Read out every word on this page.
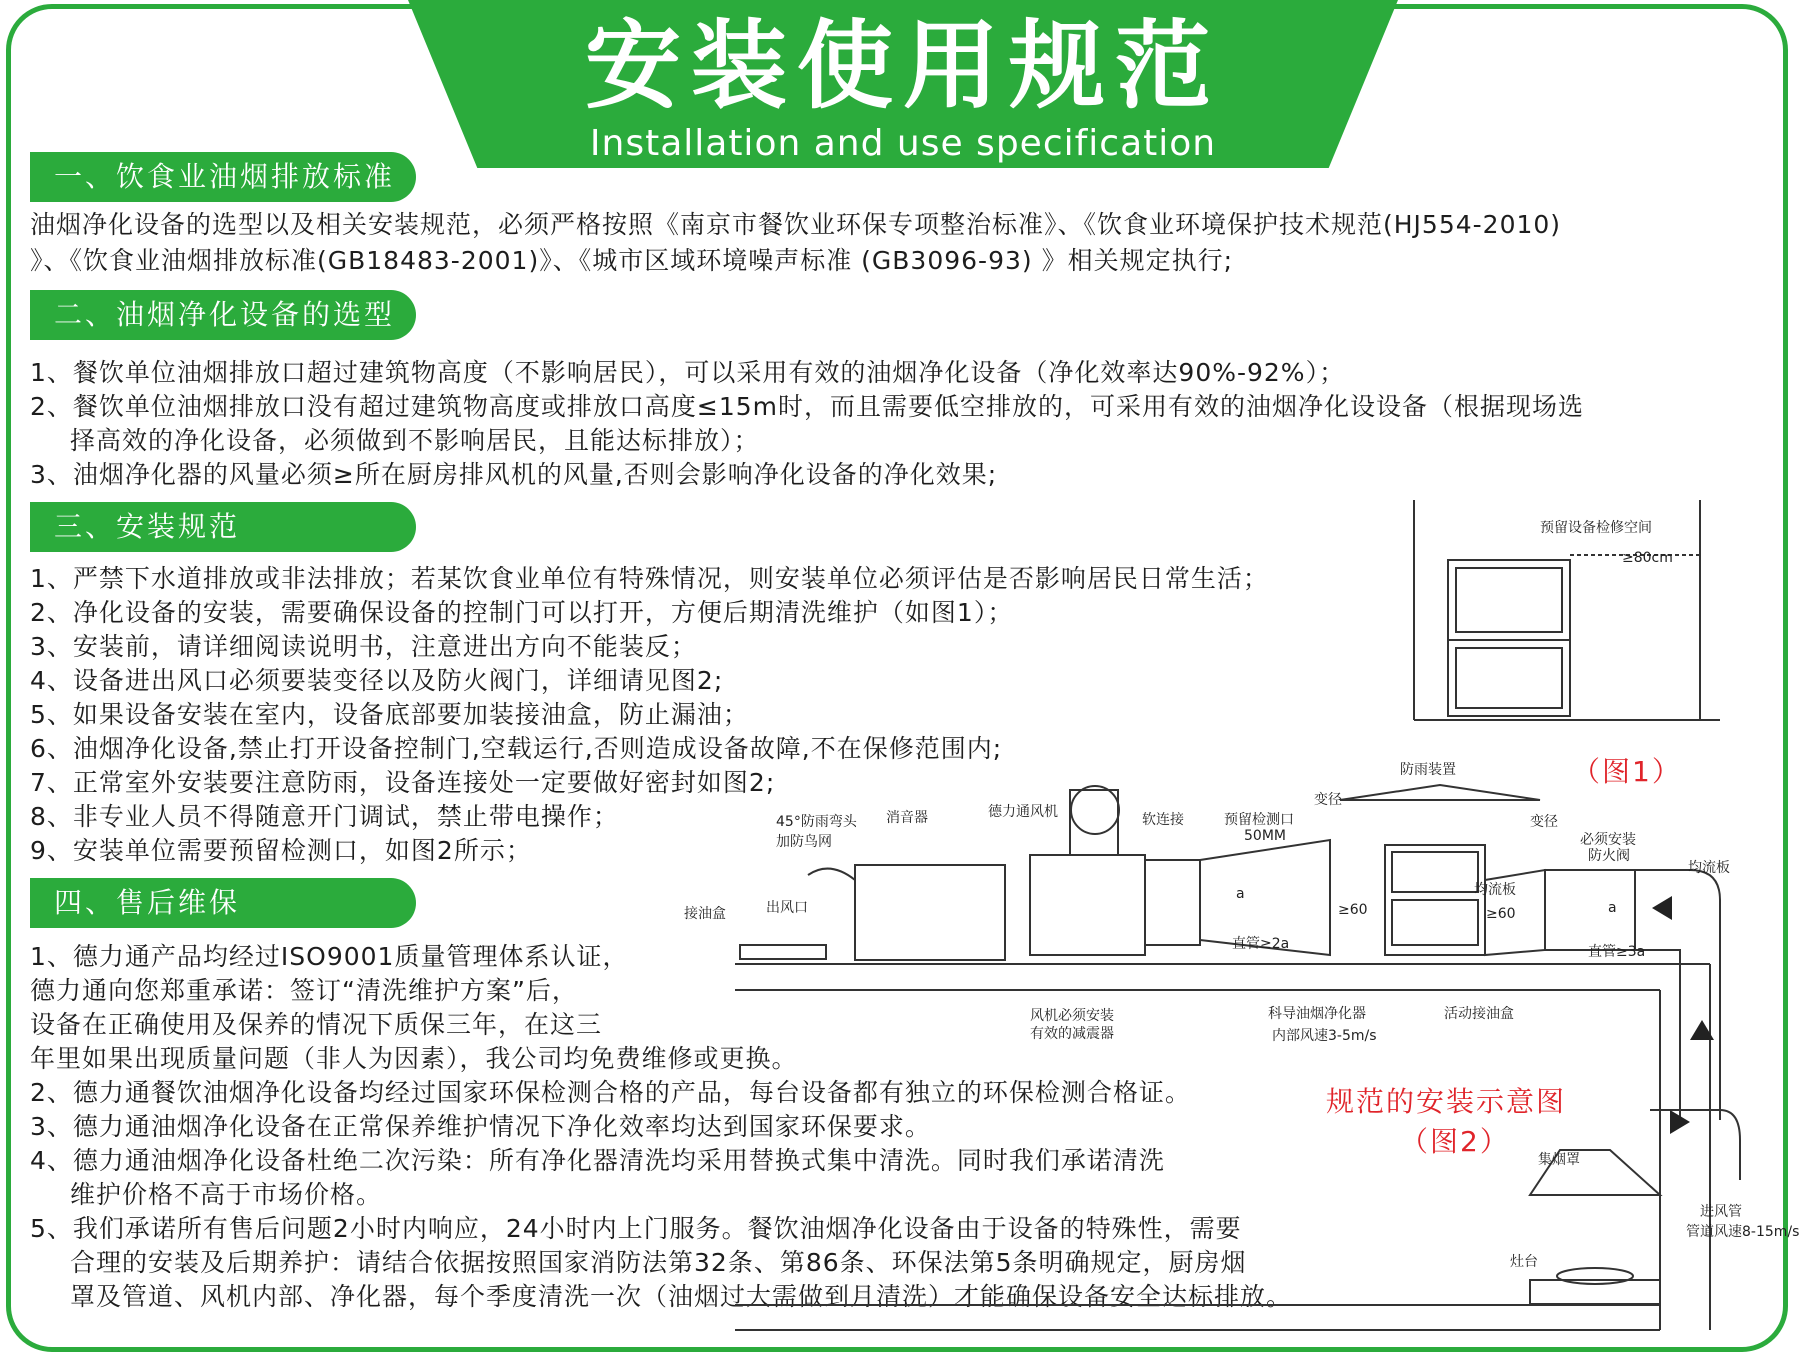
安装使用规范
Installation and use specification
一、饮食业油烟排放标准
油烟净化设备的选型以及相关安装规范，必须严格按照《南京市餐饮业环保专项整治标准》、《饮食业环境保护技术规范(HJ554-2010)
》、《饮食业油烟排放标准(GB18483-2001)》、《城市区域环境噪声标准 (GB3096-93) 》相关规定执行;
二、油烟净化设备的选型
1、餐饮单位油烟排放口超过建筑物高度（不影响居民），可以采用有效的油烟净化设备（净化效率达90%-92%）；
2、餐饮单位油烟排放口没有超过建筑物高度或排放口高度≤15m时，而且需要低空排放的，可采用有效的油烟净化设设备（根据现场选
择高效的净化设备，必须做到不影响居民，且能达标排放）；
3、油烟净化器的风量必须≥所在厨房排风机的风量,否则会影响净化设备的净化效果;
三、安装规范
1、严禁下水道排放或非法排放；若某饮食业单位有特殊情况，则安装单位必须评估是否影响居民日常生活；
2、净化设备的安装，需要确保设备的控制门可以打开，方便后期清洗维护（如图1）；
3、安装前，请详细阅读说明书，注意进出方向不能装反；
4、设备进出风口必须要装变径以及防火阀门，详细请见图2;
5、如果设备安装在室内，设备底部要加装接油盒，防止漏油；
6、油烟净化设备,禁止打开设备控制门,空载运行,否则造成设备故障,不在保修范围内;
7、正常室外安装要注意防雨，设备连接处一定要做好密封如图2;
8、非专业人员不得随意开门调试，禁止带电操作；
9、安装单位需要预留检测口，如图2所示；
四、售后维保
1、德力通产品均经过ISO9001质量管理体系认证，
德力通向您郑重承诺：签订“清洗维护方案”后，
设备在正确使用及保养的情况下质保三年，在这三
年里如果出现质量问题（非人为因素），我公司均免费维修或更换。
2、德力通餐饮油烟净化设备均经过国家环保检测合格的产品，每台设备都有独立的环保检测合格证。
3、德力通油烟净化设备在正常保养维护情况下净化效率均达到国家环保要求。
4、德力通油烟净化设备杜绝二次污染：所有净化器清洗均采用替换式集中清洗。同时我们承诺清洗
维护价格不高于市场价格。
5、我们承诺所有售后问题2小时内响应，24小时内上门服务。餐饮油烟净化设备由于设备的特殊性，需要
合理的安装及后期养护：请结合依据按照国家消防法第32条、第86条、环保法第5条明确规定，厨房烟
罩及管道、风机内部、净化器，每个季度清洗一次（油烟过大需做到月清洗）才能确保设备安全达标排放。
预留设备检修空间
≥80cm
45°防雨弯头
加防鸟网
消音器	德力通风机	软连接	预留检测口
50MM
变径
防雨装置
变径
必须安装
防火阀
均流板
均流板
接油盒	出风口
a
a
≥60	≥60
直管≥2a	直管≥3a
风机必须安装
有效的减震器
科导油烟净化器
内部风速3-5m/s
活动接油盒
集烟罩
灶台
进风管
管道风速8-15m/s
（图1）
规范的安装示意图
（图2）
